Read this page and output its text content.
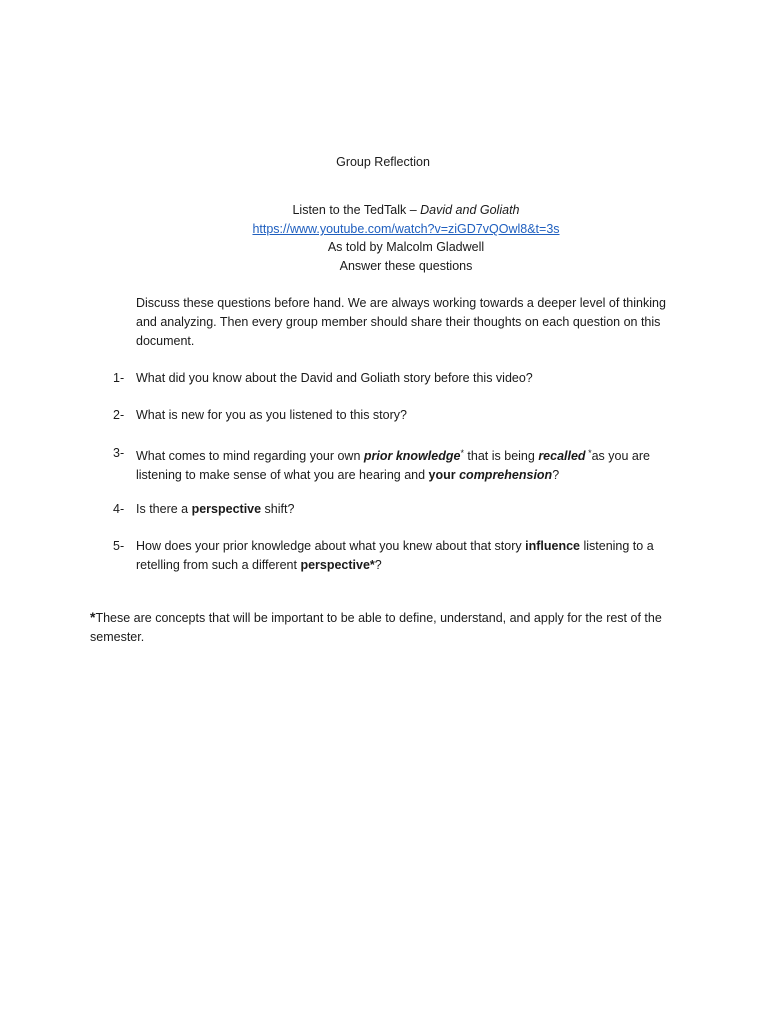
Group Reflection
Listen to the TedTalk – David and Goliath
https://www.youtube.com/watch?v=ziGD7vQOwl8&t=3s
As told by Malcolm Gladwell
Answer these questions
Discuss these questions before hand. We are always working towards a deeper level of thinking and analyzing. Then every group member should share their thoughts on each question on this document.
1- What did you know about the David and Goliath story before this video?
2- What is new for you as you listened to this story?
3- What comes to mind regarding your own prior knowledge* that is being recalled *as you are listening to make sense of what you are hearing and your comprehension?
4- Is there a perspective shift?
5- How does your prior knowledge about what you knew about that story influence listening to a retelling from such a different perspective*?
*These are concepts that will be important to be able to define, understand, and apply for the rest of the semester.
